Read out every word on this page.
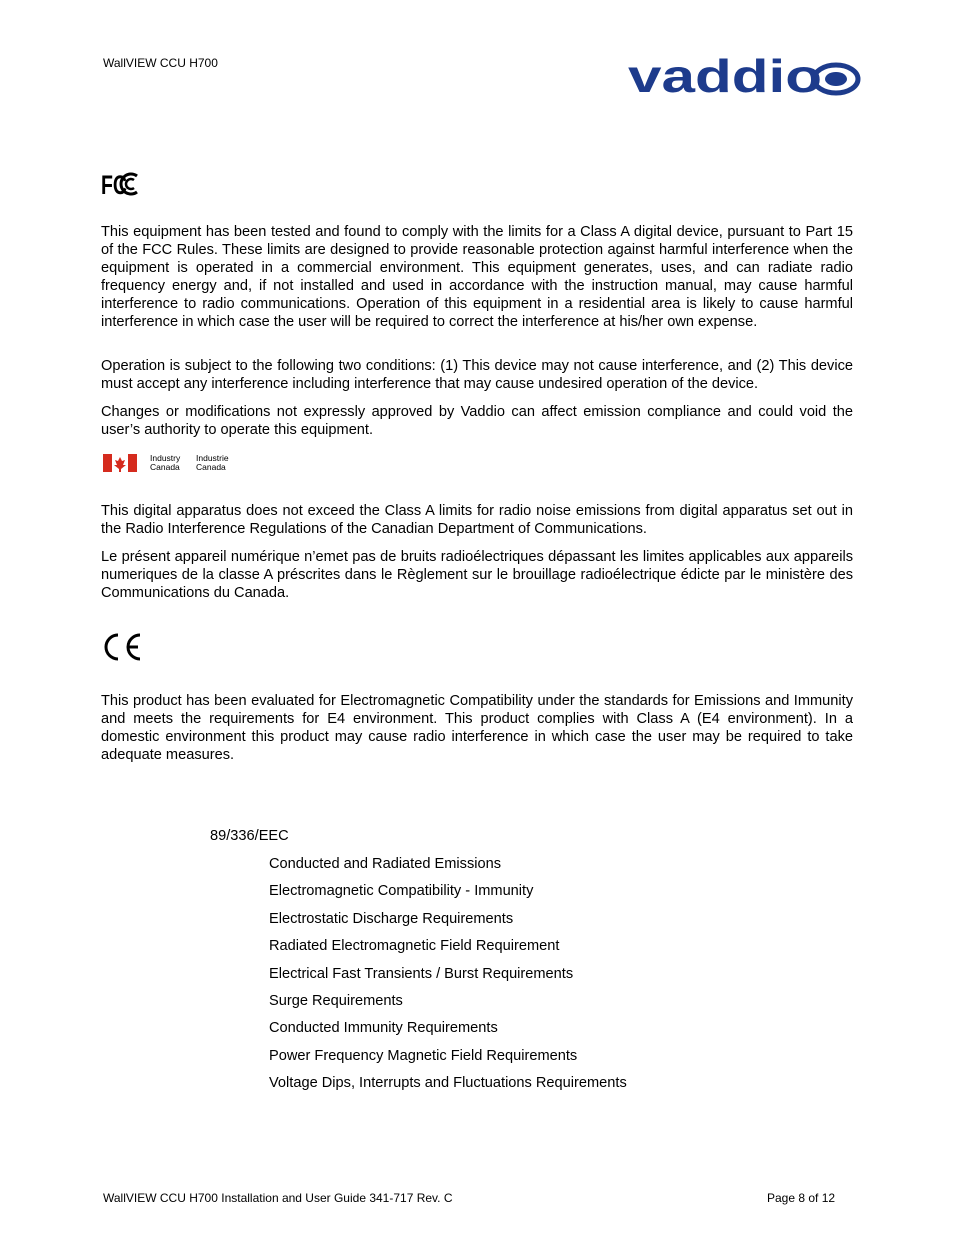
WallVIEW CCU H700	vaddio
FC

This equipment has been tested and found to comply with the limits for a Class A digital device, pursuant to Part 15 of the FCC Rules. These limits are designed to provide reasonable protection against harmful interference when the equipment is operated in a commercial environment. This equipment generates, uses, and can radiate radio frequency energy and, if not installed and used in accordance with the instruction manual, may cause harmful interference to radio communications. Operation of this equipment in a residential area is likely to cause harmful interference in which case the user will be required to correct the interference at his/her own expense.

Operation is subject to the following two conditions: (1) This device may not cause interference, and (2) This device must accept any interference including interference that may cause undesired operation of the device.

Changes or modifications not expressly approved by Vaddio can affect emission compliance and could void the user’s authority to operate this equipment.

Industry
Canada
Industrie
Canada

This digital apparatus does not exceed the Class A limits for radio noise emissions from digital apparatus set out in the Radio Interference Regulations of the Canadian Department of Communications.

Le présent appareil numérique n’emet pas de bruits radioélectriques dépassant les limites applicables aux appareils numeriques de la classe A préscrites dans le Règlement sur le brouillage radioélectrique édicte par le ministère des Communications du Canada.

CE

This product has been evaluated for Electromagnetic Compatibility under the standards for Emissions and Immunity and meets the requirements for E4 environment. This product complies with Class A (E4 environment). In a domestic environment this product may cause radio interference in which case the user may be required to take adequate measures.

89/336/EEC
Conducted and Radiated Emissions
Electromagnetic Compatibility - Immunity
Electrostatic Discharge Requirements
Radiated Electromagnetic Field Requirement
Electrical Fast Transients / Burst Requirements
Surge Requirements
Conducted Immunity Requirements
Power Frequency Magnetic Field Requirements
Voltage Dips, Interrupts and Fluctuations Requirements
WallVIEW CCU H700 Installation and User Guide 341-717 Rev. C	Page 8 of 12
